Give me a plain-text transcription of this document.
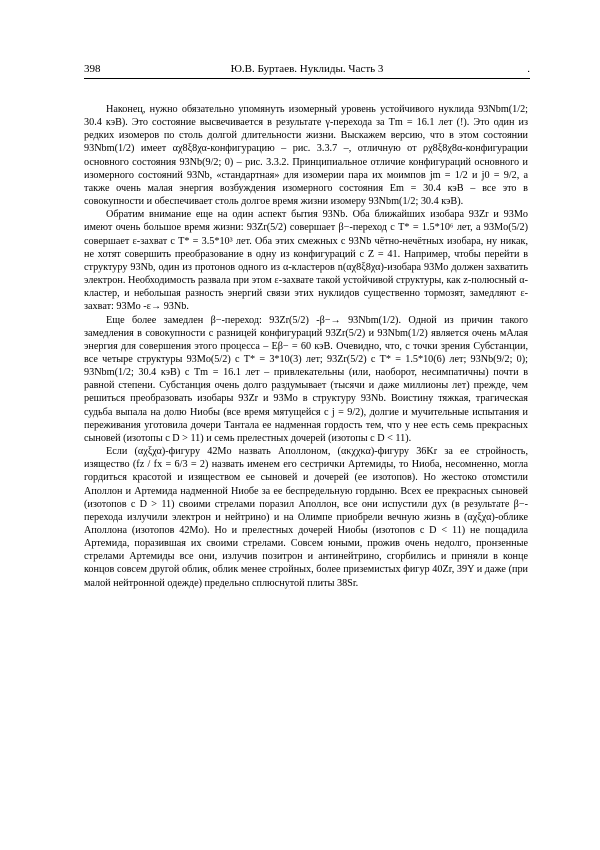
398	Ю.В. Буртаев. Нуклиды. Часть 3	.

Наконец, нужно обязательно упомянуть изомерный уровень устойчивого нуклида 93Nbm(1/2; 30.4 кэВ). Это состояние высвечивается в результате γ-перехода за Tm = 16.1 лет (!). Это один из редких изомеров по столь долгой длительности жизни. Выскажем версию, что в этом состоянии 93Nbm(1/2) имеет αχ8ξ8χα-конфигурацию – рис. 3.3.7 –, отличную от ρχ8ξ8χ8α-конфигурации основного состояния 93Nb(9/2; 0) – рис. 3.3.2. Принципиальное отличие конфигураций основного и изомерного состояний 93Nb, «стандартная» для изомерии пара их моимпов jm = 1/2 и j0 = 9/2, а также очень малая энергия возбуждения изомерного состояния Em = 30.4 кэВ – все это в совокупности и обеспечивает столь долгое время жизни изомеру 93Nbm(1/2; 30.4 кэВ).

Обратим внимание еще на один аспект бытия 93Nb. Оба ближайших изобара 93Zr и 93Mo имеют очень большое время жизни: 93Zr(5/2) совершает β−-переход с T* = 1.5*10⁶ лет, а 93Mo(5/2) совершает ε-захват с T* = 3.5*10³ лет. Оба этих смежных с 93Nb чётно-нечётных изобара, ну никак, не хотят совершить преобразование в одну из конфигураций с Z = 41. Например, чтобы перейти в структуру 93Nb, один из протонов одного из α-кластеров n(αχ8ξ8χα)-изобара 93Mo должен захватить электрон. Необходимость развала при этом ε-захвате такой устойчивой структуры, как z-полюсный α-кластер, и небольшая разность энергий связи этих нуклидов существенно тормозят, замедляют ε-захват: 93Mo -ε→ 93Nb.

Еще более замедлен β−-переход: 93Zr(5/2) -β−→ 93Nbm(1/2). Одной из причин такого замедления в совокупности с разницей конфигураций 93Zr(5/2) и 93Nbm(1/2) является очень мАлая энергия для совершения этого процесса – Eβ− = 60 кэВ. Очевидно, что, с точки зрения Субстанции, все четыре структуры 93Mo(5/2) с T* = 3*10(3) лет; 93Zr(5/2) с T* = 1.5*10(6) лет; 93Nb(9/2; 0); 93Nbm(1/2; 30.4 кэВ) с Tm = 16.1 лет – привлекательны (или, наоборот, несимпатичны) почти в равной степени. Субстанция очень долго раздумывает (тысячи и даже миллионы лет) прежде, чем решиться преобразовать изобары 93Zr и 93Mo в структуру 93Nb. Воистину тяжкая, трагическая судьба выпала на долю Ниобы (все время мятущейся с j = 9/2), долгие и мучительные испытания и переживания уготовила дочери Тантала ее надменная гордость тем, что у нее есть семь прекрасных сыновей (изотопы с D > 11) и семь прелестных дочерей (изотопы с D < 11).

Если (αχξχα)-фигуру 42Mo назвать Аполлоном, (ακχχκα)-фигуру 36Kr за ее стройность, изящество (fz / fx = 6/3 = 2) назвать именем его сестрички Артемиды, то Ниоба, несомненно, могла гордиться красотой и изяществом ее сыновей и дочерей (ее изотопов). Но жестоко отомстили Аполлон и Артемида надменной Ниобе за ее беспредельную гордыню. Всех ее прекрасных сыновей (изотопов с D > 11) своими стрелами поразил Аполлон, все они испустили дух (в результате β−-перехода излучили электрон и нейтрино) и на Олимпе приобрели вечную жизнь в (αχξχα)-облике Аполлона (изотопов 42Mo). Но и прелестных дочерей Ниобы (изотопов с D < 11) не пощадила Артемида, поразившая их своими стрелами. Совсем юными, прожив очень недолго, пронзенные стрелами Артемиды все они, излучив позитрон и антинейтрино, сгорбились и приняли в конце концов совсем другой облик, облик менее стройных, более приземистых фигур 40Zr, 39Y и даже (при малой нейтронной одежде) предельно сплюснутой плиты 38Sr.
